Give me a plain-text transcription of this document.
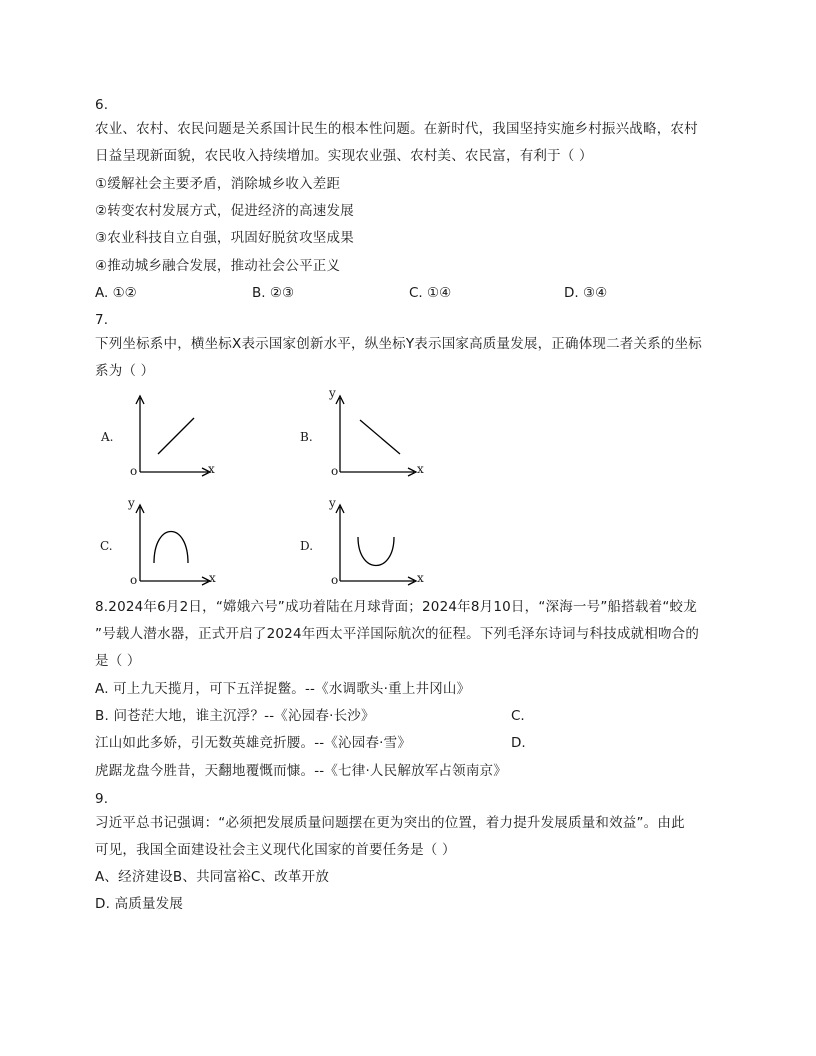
6.
农业、农村、农民问题是关系国计民生的根本性问题。在新时代，我国坚持实施乡村振兴战略，农村
日益呈现新面貌，农民收入持续增加。实现农业强、农村美、农民富，有利于（ ）
①缓解社会主要矛盾，消除城乡收入差距
②转变农村发展方式，促进经济的高速发展
③农业科技自立自强，巩固好脱贫攻坚成果
④推动城乡融合发展，推动社会公平正义
A. ①②	B. ②③	C. ①④	D. ③④
7.
下列坐标系中，横坐标X表示国家创新水平，纵坐标Y表示国家高质量发展，正确体现二者关系的坐标
系为（ ）
A.
o	x
B.
y
o	x
C.
y
o	x
D.
y
o	x
8.2024年6月2日，“嫦娥六号”成功着陆在月球背面；2024年8月10日，“深海一号”船搭载着“蛟龙
”号载人潜水器，正式开启了2024年西太平洋国际航次的征程。下列毛泽东诗词与科技成就相吻合的
是（ ）
A. 可上九天揽月，可下五洋捉鳖。--《水调歌头·重上井冈山》
B. 问苍茫大地，谁主沉浮？--《沁园春·长沙》	C.
江山如此多娇，引无数英雄竞折腰。--《沁园春·雪》	D.
虎踞龙盘今胜昔，天翻地覆慨而慷。--《七律·人民解放军占领南京》
9.
习近平总书记强调：“必须把发展质量问题摆在更为突出的位置，着力提升发展质量和效益”。由此
可见，我国全面建设社会主义现代化国家的首要任务是（ ）
A、经济建设B、共同富裕C、改革开放
D. 高质量发展
